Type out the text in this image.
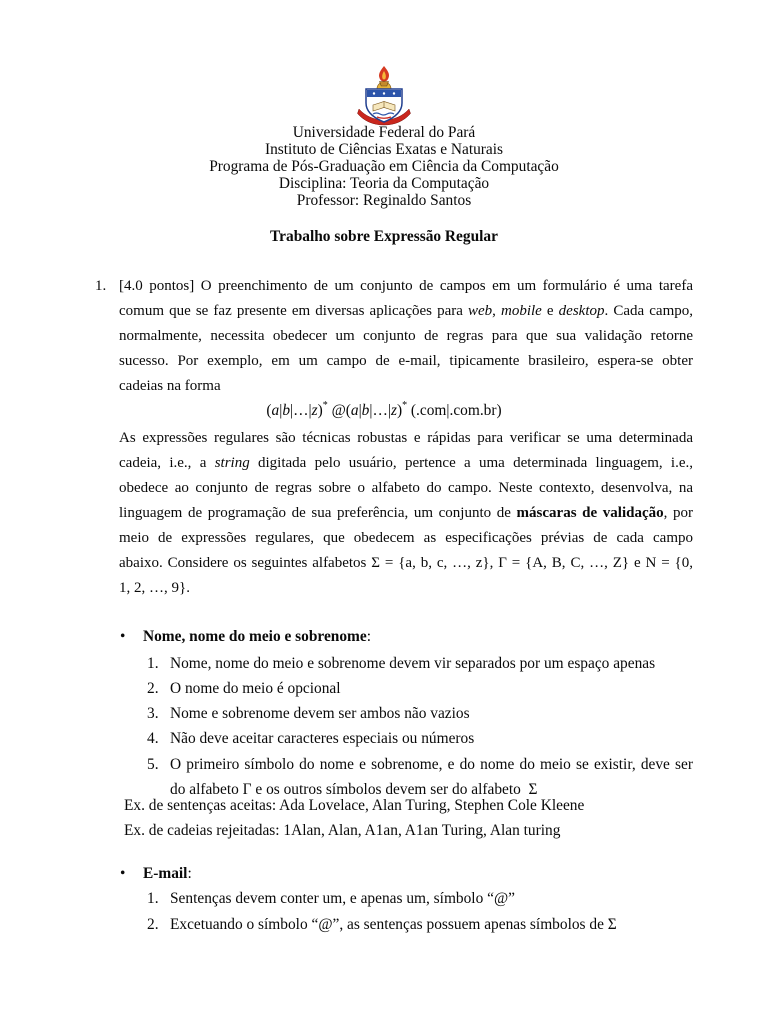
Universidade Federal do Pará
Instituto de Ciências Exatas e Naturais
Programa de Pós-Graduação em Ciência da Computação
Disciplina: Teoria da Computação
Professor: Reginaldo Santos
Trabalho sobre Expressão Regular
1. [4.0 pontos] O preenchimento de um conjunto de campos em um formulário é uma tarefa
comum que se faz presente em diversas aplicações para web, mobile e desktop. Cada campo,
normalmente, necessita obedecer um conjunto de regras para que sua validação retorne
sucesso. Por exemplo, em um campo de e-mail, tipicamente brasileiro, espera-se obter
cadeias na forma
(a|b|…|z)* @(a|b|…|z)* (.com|.com.br)
As expressões regulares são técnicas robustas e rápidas para verificar se uma determinada
cadeia, i.e., a string digitada pelo usuário, pertence a uma determinada linguagem, i.e.,
obedece ao conjunto de regras sobre o alfabeto do campo. Neste contexto, desenvolva, na
linguagem de programação de sua preferência, um conjunto de máscaras de validação, por
meio de expressões regulares, que obedecem as especificações prévias de cada campo
abaixo. Considere os seguintes alfabetos Σ = {a, b, c, …, z}, Γ = {A, B, C, …, Z} e N = {0,
1, 2, …, 9}.
• Nome, nome do meio e sobrenome:
1. Nome, nome do meio e sobrenome devem vir separados por um espaço apenas
2. O nome do meio é opcional
3. Nome e sobrenome devem ser ambos não vazios
4. Não deve aceitar caracteres especiais ou números
5. O primeiro símbolo do nome e sobrenome, e do nome do meio se existir, deve ser
do alfabeto Γ e os outros símbolos devem ser do alfabeto  Σ
Ex. de sentenças aceitas: Ada Lovelace, Alan Turing, Stephen Cole Kleene
Ex. de cadeias rejeitadas: 1Alan, Alan, A1an, A1an Turing, Alan turing
• E-mail:
1. Sentenças devem conter um, e apenas um, símbolo “@”
2. Excetuando o símbolo “@”, as sentenças possuem apenas símbolos de Σ
